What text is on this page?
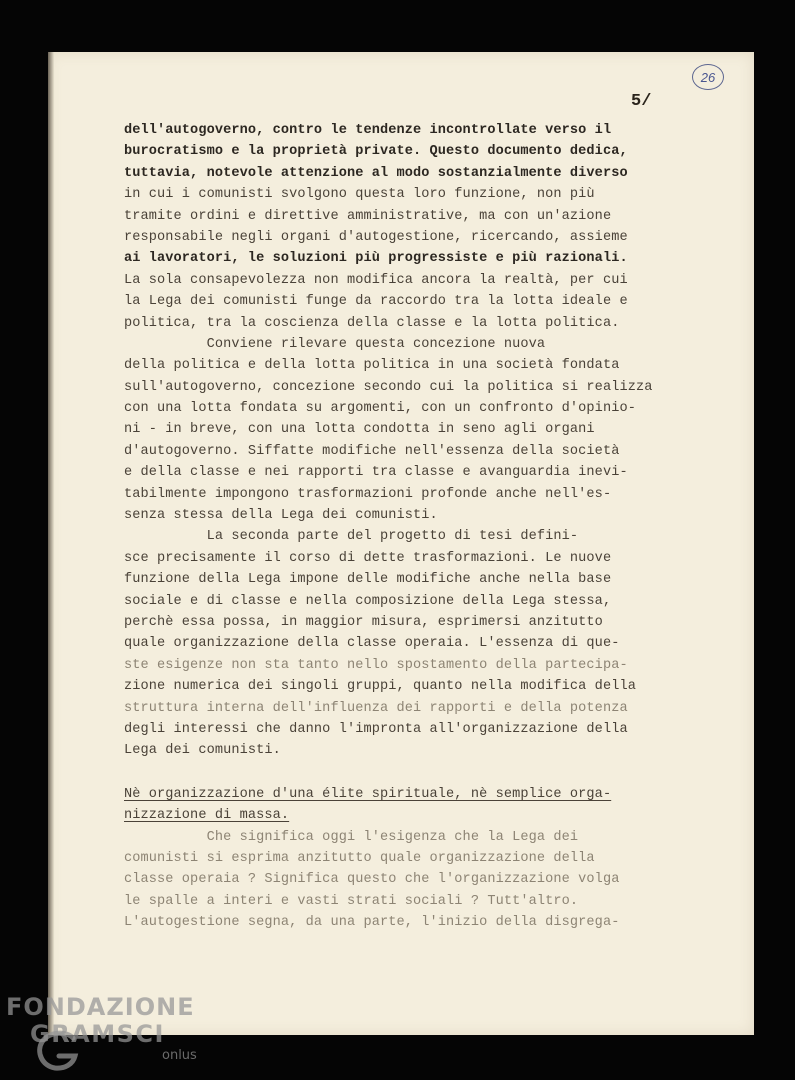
26
5/
dell'autogoverno, contro le tendenze incontrollate verso il
burocratismo e la proprietà private. Questo documento dedica,
tuttavia, notevole attenzione al modo sostanzialmente diverso
in cui i comunisti svolgono questa loro funzione, non più
tramite ordini e direttive amministrative, ma con un'azione
responsabile negli organi d'autogestione, ricercando, assieme
ai lavoratori, le soluzioni più progressiste e più razionali.
La sola consapevolezza non modifica ancora la realtà, per cui
la Lega dei comunisti funge da raccordo tra la lotta ideale e
politica, tra la coscienza della classe e la lotta politica.
Conviene rilevare questa concezione nuova
della politica e della lotta politica in una società fondata
sull'autogoverno, concezione secondo cui la politica si realizza
con una lotta fondata su argomenti, con un confronto d'opinio-
ni - in breve, con una lotta condotta in seno agli organi
d'autogoverno. Siffatte modifiche nell'essenza della società
e della classe e nei rapporti tra classe e avanguardia inevi-
tabilmente impongono trasformazioni profonde anche nell'es-
senza stessa della Lega dei comunisti.
La seconda parte del progetto di tesi defini-
sce precisamente il corso di dette trasformazioni. Le nuove
funzione della Lega impone delle modifiche anche nella base
sociale e di classe e nella composizione della Lega stessa,
perchè essa possa, in maggior misura, esprimersi anzitutto
quale organizzazione della classe operaia. L'essenza di que-
ste esigenze non sta tanto nello spostamento della partecipa-
zione numerica dei singoli gruppi, quanto nella modifica della
struttura interna dell'influenza dei rapporti e della potenza
degli interessi che danno l'impronta all'organizzazione della
Lega dei comunisti.
Nè organizzazione d'una élite spirituale, nè semplice orga-
nizzazione di massa.
Che significa oggi l'esigenza che la Lega dei
comunisti si esprima anzitutto quale organizzazione della
classe operaia ? Significa questo che l'organizzazione volga
le spalle a interi e vasti strati sociali ? Tutt'altro.
L'autogestione segna, da una parte, l'inizio della disgrega-
FONDAZIONE
GRAMSCI
onlus
